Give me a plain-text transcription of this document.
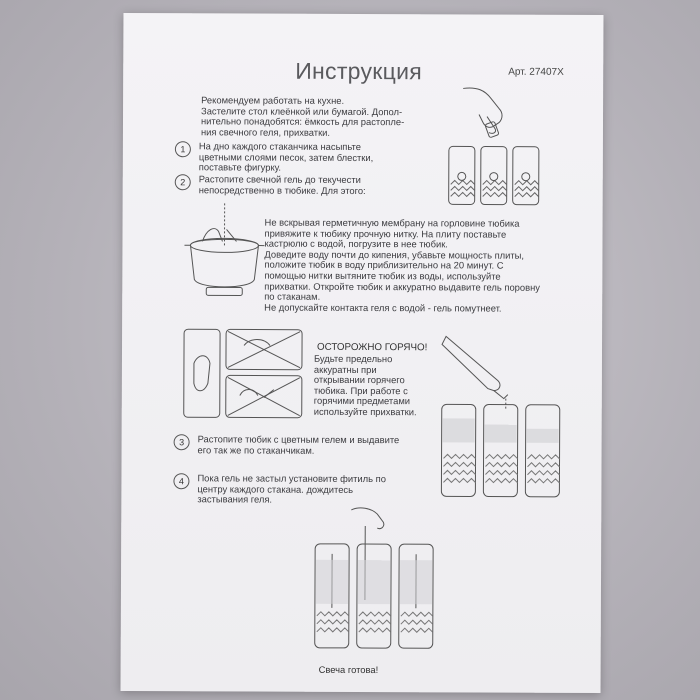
Инструкция	Арт. 27407Х
Рекомендуем работать на кухне.
Застелите стол клеёнкой или бумагой. Допол-
нительно понадобятся: ёмкость для растопле-
ния свечного геля, прихватки.
1	На дно каждого стаканчика насыпьте
цветными слоями песок, затем блестки,
поставьте фигурку.
2	Растопите свечной гель до текучести
непосредственно в тюбике. Для этого:
Не вскрывая герметичную мембрану на горловине тюбика
привяжите к тюбику прочную нитку. На плиту поставьте
кастрюлю с водой, погрузите в нее тюбик.
Доведите воду почти до кипения, убавьте мощность плиты,
положите тюбик в воду приблизительно на 20 минут. С
помощью нитки вытяните тюбик из воды, используйте
прихватки. Откройте тюбик и аккуратно выдавите гель поровну
по стаканам.
Не допускайте контакта геля с водой - гель помутнеет.
ОСТОРОЖНО ГОРЯЧО!
Будьте предельно
аккуратны при
открывании горячего
тюбика. При работе с
горячими предметами
используйте прихватки.
3	Растопите тюбик с цветным гелем и выдавите
его так же по стаканчикам.
4	Пока гель не застыл установите фитиль по
центру каждого стакана. дождитесь
застывания геля.
Свеча готова!
